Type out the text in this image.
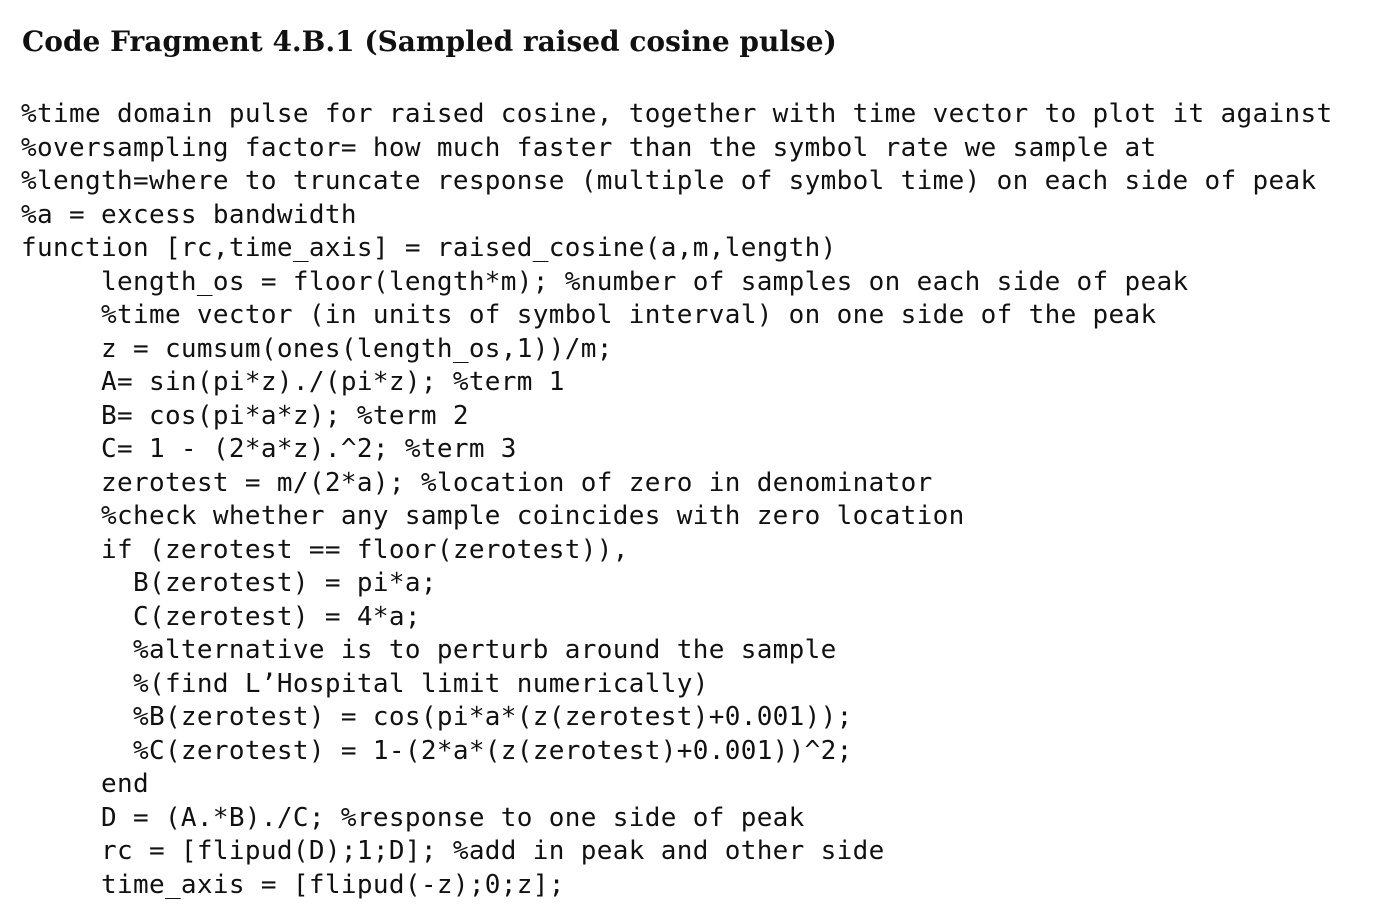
Code Fragment 4.B.1 (Sampled raised cosine pulse)
%time domain pulse for raised cosine, together with time vector to plot it against
%oversampling factor= how much faster than the symbol rate we sample at
%length=where to truncate response (multiple of symbol time) on each side of peak
%a = excess bandwidth
function [rc,time_axis] = raised_cosine(a,m,length)
length_os = floor(length*m); %number of samples on each side of peak
%time vector (in units of symbol interval) on one side of the peak
z = cumsum(ones(length_os,1))/m;
A= sin(pi*z)./(pi*z); %term 1
B= cos(pi*a*z); %term 2
C= 1 - (2*a*z).^2; %term 3
zerotest = m/(2*a); %location of zero in denominator
%check whether any sample coincides with zero location
if (zerotest == floor(zerotest)),
B(zerotest) = pi*a;
C(zerotest) = 4*a;
%alternative is to perturb around the sample
%(find L’Hospital limit numerically)
%B(zerotest) = cos(pi*a*(z(zerotest)+0.001));
%C(zerotest) = 1-(2*a*(z(zerotest)+0.001))^2;
end
D = (A.*B)./C; %response to one side of peak
rc = [flipud(D);1;D]; %add in peak and other side
time_axis = [flipud(-z);0;z];
